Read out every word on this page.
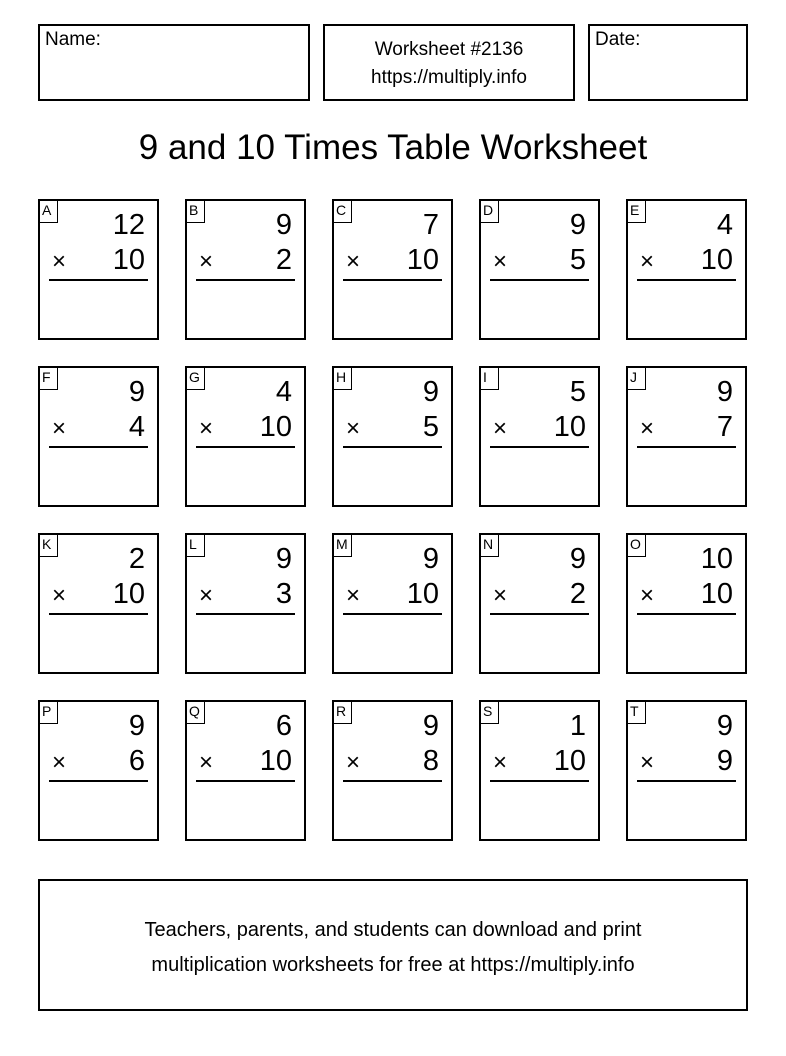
Name:	Worksheet #2136
https://multiply.info
Date:
9 and 10 Times Table Worksheet
A 12
× 10
B	9
× 2
C	7
× 10
D	9
× 5
E	4
× 10
F	9
× 4
G	4
× 10
H	9
× 5
I	5
× 10
J	9
× 7
K	2
× 10
L	9
× 3
M	9
× 10
N	9
× 2
O 10
× 10
P	9
× 6
Q	6
× 10
R	9
× 8
S	1
× 10
T	9
× 9
Teachers, parents, and students can download and print
multiplication worksheets for free at https://multiply.info
